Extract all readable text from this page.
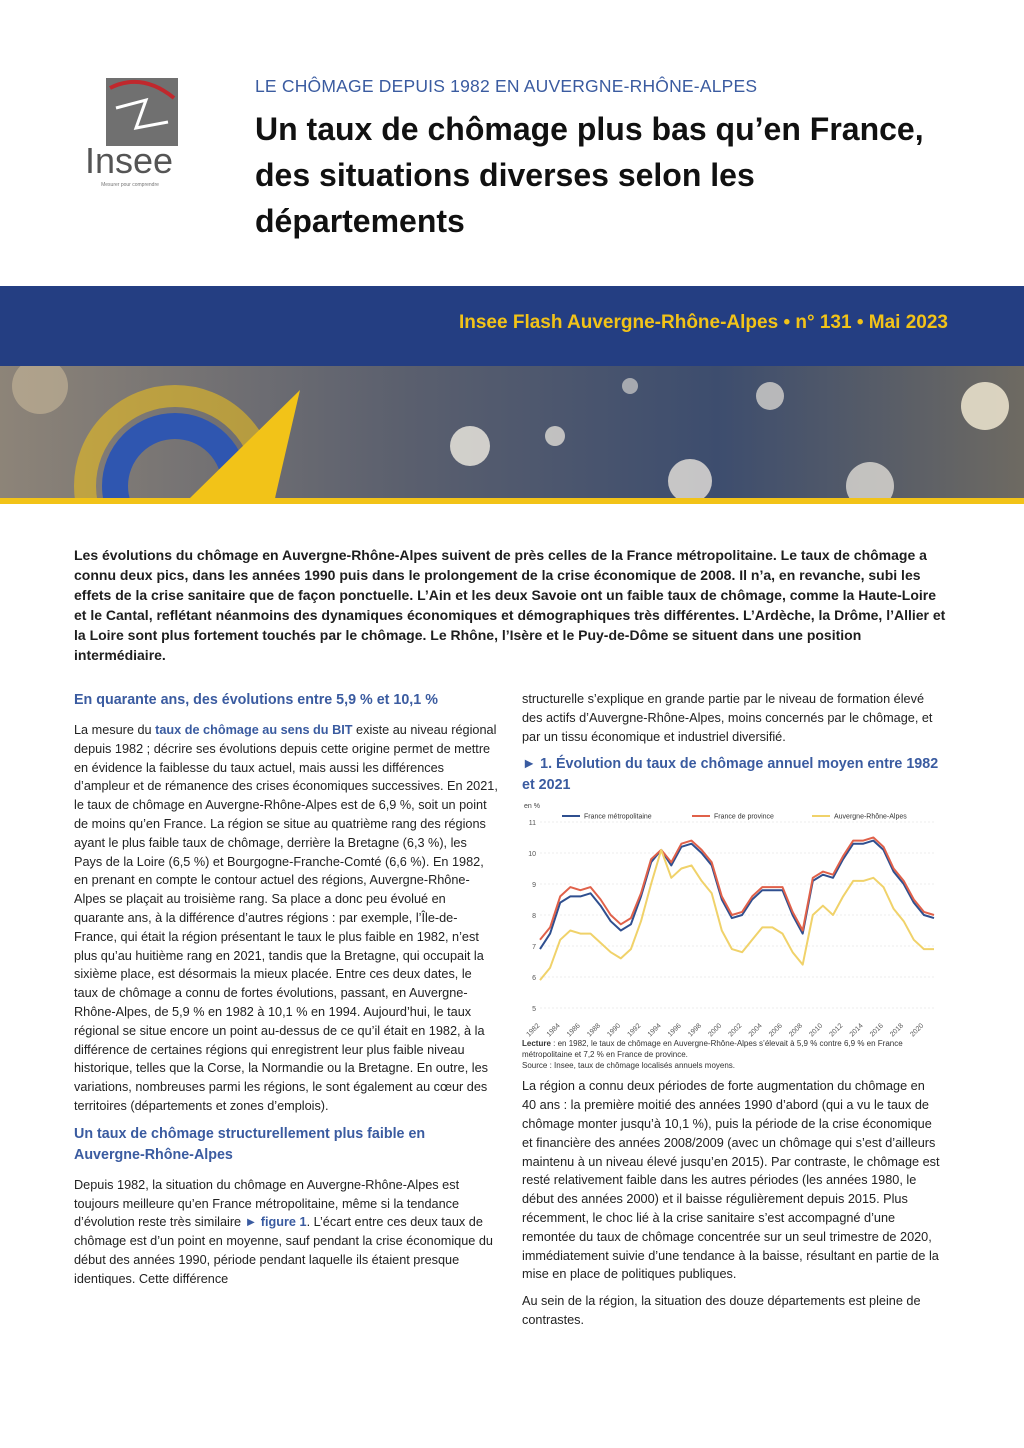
Insee
Mesurer pour comprendre
LE CHÔMAGE DEPUIS 1982 EN AUVERGNE-RHÔNE-ALPES
Un taux de chômage plus bas qu’en France, des situations diverses selon les départements
Insee Flash Auvergne-Rhône-Alpes • n° 131 • Mai 2023
Les évolutions du chômage en Auvergne-Rhône-Alpes suivent de près celles de la France métropolitaine. Le taux de chômage a connu deux pics, dans les années 1990 puis dans le prolongement de la crise économique de 2008. Il n’a, en revanche, subi les effets de la crise sanitaire que de façon ponctuelle. L’Ain et les deux Savoie ont un faible taux de chômage, comme la Haute-Loire et le Cantal, reflétant néanmoins des dynamiques économiques et démographiques très différentes. L’Ardèche, la Drôme, l’Allier et la Loire sont plus fortement touchés par le chômage. Le Rhône, l’Isère et le Puy-de-Dôme se situent dans une position intermédiaire.
En quarante ans, des évolutions entre 5,9 % et 10,1 %
La mesure du taux de chômage au sens du BIT existe au niveau régional depuis 1982 ; décrire ses évolutions depuis cette origine permet de mettre en évidence la faiblesse du taux actuel, mais aussi les différences d’ampleur et de rémanence des crises économiques successives. En 2021, le taux de chômage en Auvergne-Rhône-Alpes est de 6,9 %, soit un point de moins qu’en France. La région se situe au quatrième rang des régions ayant le plus faible taux de chômage, derrière la Bretagne (6,3 %), les Pays de la Loire (6,5 %) et Bourgogne-Franche-Comté (6,6 %). En 1982, en prenant en compte le contour actuel des régions, Auvergne-Rhône-Alpes se plaçait au troisième rang. Sa place a donc peu évolué en quarante ans, à la différence d’autres régions : par exemple, l’Île-de-France, qui était la région présentant le taux le plus faible en 1982, n’est plus qu’au huitième rang en 2021, tandis que la Bretagne, qui occupait la sixième place, est désormais la mieux placée. Entre ces deux dates, le taux de chômage a connu de fortes évolutions, passant, en Auvergne-Rhône-Alpes, de 5,9 % en 1982 à 10,1 % en 1994. Aujourd’hui, le taux régional se situe encore un point au-dessus de ce qu’il était en 1982, à la différence de certaines régions qui enregistrent leur plus faible niveau historique, telles que la Corse, la Normandie ou la Bretagne. En outre, les variations, nombreuses parmi les régions, le sont également au cœur des territoires (départements et zones d’emplois).
Un taux de chômage structurellement plus faible en Auvergne-Rhône-Alpes
Depuis 1982, la situation du chômage en Auvergne-Rhône-Alpes est toujours meilleure qu’en France métropolitaine, même si la tendance d’évolution reste très similaire ► figure 1. L’écart entre ces deux taux de chômage est d’un point en moyenne, sauf pendant la crise économique du début des années 1990, période pendant laquelle ils étaient presque identiques. Cette différence
structurelle s’explique en grande partie par le niveau de formation élevé des actifs d’Auvergne-Rhône-Alpes, moins concernés par le chômage, et par un tissu économique et industriel diversifié.
► 1. Évolution du taux de chômage annuel moyen entre 1982 et 2021
en %
5
6
7
8
9
10
11
1982 1984 1986 1988 1990 1992 1994 1996 1998 2000 2002 2004 2006 2008 2010 2012 2014 2016 2018 2020
France métropolitaine	France de province	Auvergne-Rhône-Alpes
Lecture : en 1982, le taux de chômage en Auvergne-Rhône-Alpes s’élevait à 5,9 % contre 6,9 % en France métropolitaine et 7,2 % en France de province.
Source : Insee, taux de chômage localisés annuels moyens.
La région a connu deux périodes de forte augmentation du chômage en 40 ans : la première moitié des années 1990 d’abord (qui a vu le taux de chômage monter jusqu’à 10,1 %), puis la période de la crise économique et financière des années 2008/2009 (avec un chômage qui s’est d’ailleurs maintenu à un niveau élevé jusqu’en 2015). Par contraste, le chômage est resté relativement faible dans les autres périodes (les années 1980, le début des années 2000) et il baisse régulièrement depuis 2015. Plus récemment, le choc lié à la crise sanitaire s’est accompagné d’une remontée du taux de chômage concentrée sur un seul trimestre de 2020, immédiatement suivie d’une tendance à la baisse, résultant en partie de la mise en place de politiques publiques.
Au sein de la région, la situation des douze départements est pleine de contrastes.
